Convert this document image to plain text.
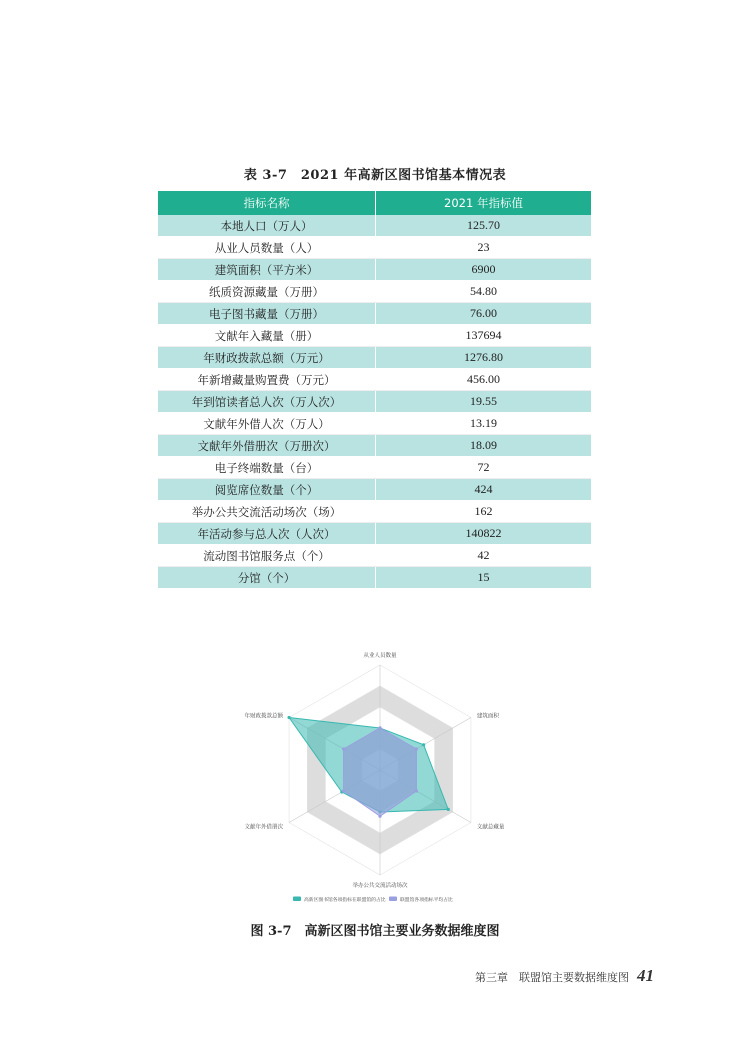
表 3-7　2021 年高新区图书馆基本情况表
指标名称	2021 年指标值
本地人口（万人）	125.70
从业人员数量（人）	23
建筑面积（平方米）	6900
纸质资源藏量（万册）	54.80
电子图书藏量（万册）	76.00
文献年入藏量（册）	137694
年财政拨款总额（万元）	1276.80
年新增藏量购置费（万元）	456.00
年到馆读者总人次（万人次）	19.55
文献年外借人次（万人）	13.19
文献年外借册次（万册次）	18.09
电子终端数量（台）	72
阅览席位数量（个）	424
举办公共交流活动场次（场）	162
年活动参与总人次（人次）	140822
流动图书馆服务点（个）	42
分馆（个）	15
从业人员数量
建筑面积
文献总藏量
举办公共交流活动场次
文献年外借册次
年财政拨款总额
高新区图书馆各项指标在联盟馆的占比	联盟馆各项指标平均占比
图 3-7　高新区图书馆主要业务数据维度图
第三章　联盟馆主要数据维度图 41
